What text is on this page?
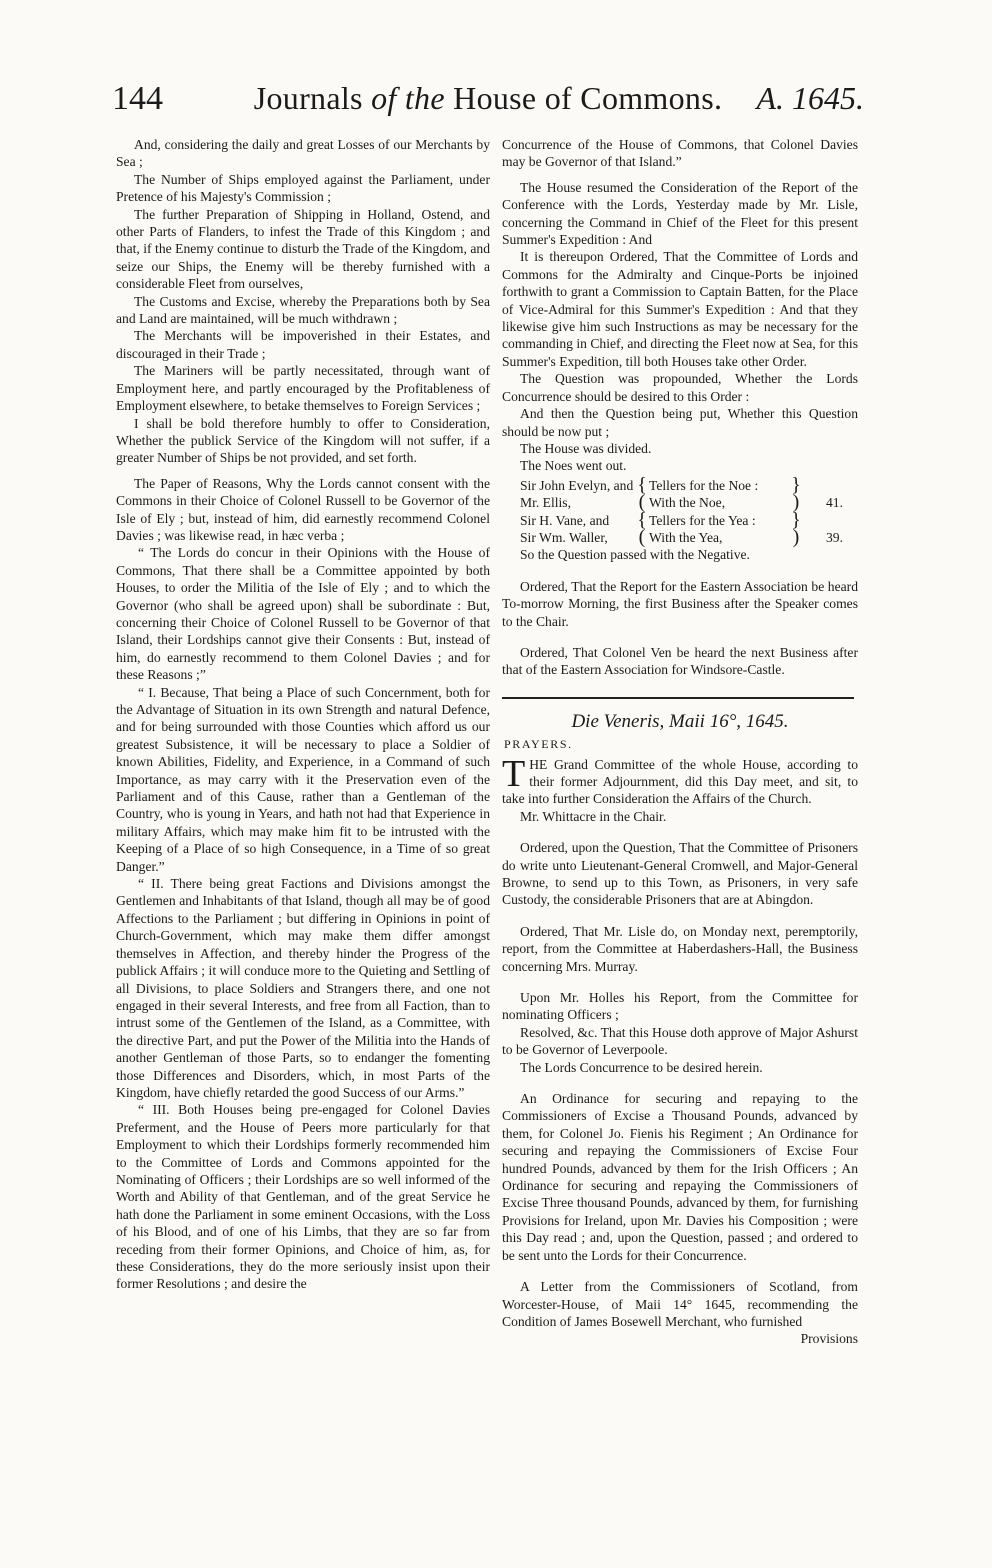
144	Journals of the House of Commons.	A. 1645.

And, considering the daily and great Losses of our Merchants by Sea ;

The Number of Ships employed against the Parliament, under Pretence of his Majesty's Commission ;

The further Preparation of Shipping in Holland, Ostend, and other Parts of Flanders, to infest the Trade of this Kingdom ; and that, if the Enemy continue to disturb the Trade of the Kingdom, and seize our Ships, the Enemy will be thereby furnished with a considerable Fleet from ourselves,

The Customs and Excise, whereby the Preparations both by Sea and Land are maintained, will be much withdrawn ;

The Merchants will be impoverished in their Estates, and discouraged in their Trade ;

The Mariners will be partly necessitated, through want of Employment here, and partly encouraged by the Profitableness of Employment elsewhere, to betake themselves to Foreign Services ;

I shall be bold therefore humbly to offer to Consideration, Whether the publick Service of the Kingdom will not suffer, if a greater Number of Ships be not provided, and set forth.

The Paper of Reasons, Why the Lords cannot consent with the Commons in their Choice of Colonel Russell to be Governor of the Isle of Ely ; but, instead of him, did earnestly recommend Colonel Davies ; was likewise read, in hæc verba ;

“ The Lords do concur in their Opinions with the House of Commons, That there shall be a Committee appointed by both Houses, to order the Militia of the Isle of Ely ; and to which the Governor (who shall be agreed upon) shall be subordinate : But, concerning their Choice of Colonel Russell to be Governor of that Island, their Lordships cannot give their Consents : But, instead of him, do earnestly recommend to them Colonel Davies ; and for these Reasons ;”

“ I. Because, That being a Place of such Concernment, both for the Advantage of Situation in its own Strength and natural Defence, and for being surrounded with those Counties which afford us our greatest Subsistence, it will be necessary to place a Soldier of known Abilities, Fidelity, and Experience, in a Command of such Importance, as may carry with it the Preservation even of the Parliament and of this Cause, rather than a Gentleman of the Country, who is young in Years, and hath not had that Experience in military Affairs, which may make him fit to be intrusted with the Keeping of a Place of so high Consequence, in a Time of so great Danger.”

“ II. There being great Factions and Divisions amongst the Gentlemen and Inhabitants of that Island, though all may be of good Affections to the Parliament ; but differing in Opinions in point of Church-Government, which may make them differ amongst themselves in Affection, and thereby hinder the Progress of the publick Affairs ; it will conduce more to the Quieting and Settling of all Divisions, to place Soldiers and Strangers there, and one not engaged in their several Interests, and free from all Faction, than to intrust some of the Gentlemen of the Island, as a Committee, with the directive Part, and put the Power of the Militia into the Hands of another Gentleman of those Parts, so to endanger the fomenting those Differences and Disorders, which, in most Parts of the Kingdom, have chiefly retarded the good Success of our Arms.”

“ III. Both Houses being pre-engaged for Colonel Davies Preferment, and the House of Peers more particularly for that Employment to which their Lordships formerly recommended him to the Committee of Lords and Commons appointed for the Nominating of Officers ; their Lordships are so well informed of the Worth and Ability of that Gentleman, and of the great Service he hath done the Parliament in some eminent Occasions, with the Loss of his Blood, and of one of his Limbs, that they are so far from receding from their former Opinions, and Choice of him, as, for these Considerations, they do the more seriously insist upon their former Resolutions ; and desire the

Concurrence of the House of Commons, that Colonel Davies may be Governor of that Island.”

The House resumed the Consideration of the Report of the Conference with the Lords, Yesterday made by Mr. Lisle, concerning the Command in Chief of the Fleet for this present Summer's Expedition : And

It is thereupon Ordered, That the Committee of Lords and Commons for the Admiralty and Cinque-Ports be injoined forthwith to grant a Commission to Captain Batten, for the Place of Vice-Admiral for this Summer's Expedition : And that they likewise give him such Instructions as may be necessary for the commanding in Chief, and directing the Fleet now at Sea, for this Summer's Expedition, till both Houses take other Order.

The Question was propounded, Whether the Lords Concurrence should be desired to this Order :

And then the Question being put, Whether this Question should be now put ;

The House was divided.

The Noes went out.

Sir John Evelyn, and { Tellers for the Noe :	}
Mr. Ellis,	( With the Noe,	)	41.
Sir H. Vane, and	{ Tellers for the Yea :	}
Sir Wm. Waller,	( With the Yea,	)	39.

So the Question passed with the Negative.

Ordered, That the Report for the Eastern Association be heard To-morrow Morning, the first Business after the Speaker comes to the Chair.

Ordered, That Colonel Ven be heard the next Business after that of the Eastern Association for Windsore-Castle.

Die Veneris, Maii 16°, 1645.

PRAYERS.

THE Grand Committee of the whole House, according to their former Adjournment, did this Day meet, and sit, to take into further Consideration the Affairs of the Church.

Mr. Whittacre in the Chair.

Ordered, upon the Question, That the Committee of Prisoners do write unto Lieutenant-General Cromwell, and Major-General Browne, to send up to this Town, as Prisoners, in very safe Custody, the considerable Prisoners that are at Abingdon.

Ordered, That Mr. Lisle do, on Monday next, peremptorily, report, from the Committee at Haberdashers-Hall, the Business concerning Mrs. Murray.

Upon Mr. Holles his Report, from the Committee for nominating Officers ;

Resolved, &c. That this House doth approve of Major Ashurst to be Governor of Leverpoole.

The Lords Concurrence to be desired herein.

An Ordinance for securing and repaying to the Commissioners of Excise a Thousand Pounds, advanced by them, for Colonel Jo. Fienis his Regiment ; An Ordinance for securing and repaying the Commissioners of Excise Four hundred Pounds, advanced by them for the Irish Officers ; An Ordinance for securing and repaying the Commissioners of Excise Three thousand Pounds, advanced by them, for furnishing Provisions for Ireland, upon Mr. Davies his Composition ; were this Day read ; and, upon the Question, passed ; and ordered to be sent unto the Lords for their Concurrence.

A Letter from the Commissioners of Scotland, from Worcester-House, of Maii 14° 1645, recommending the Condition of James Bosewell Merchant, who furnished

Provisions
